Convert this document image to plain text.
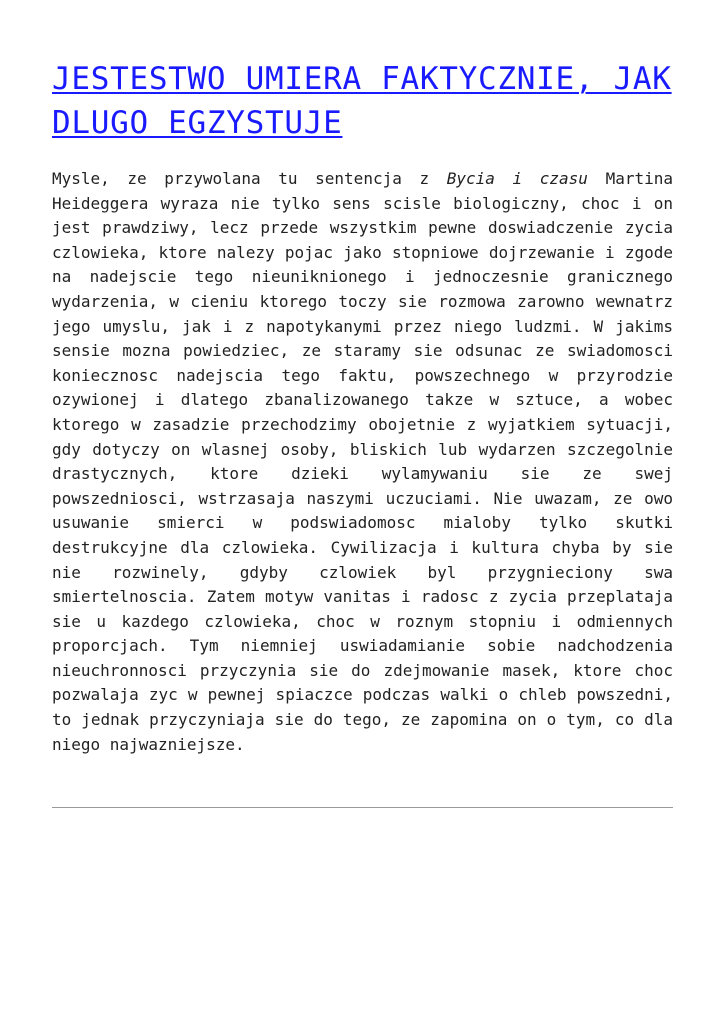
JESTESTWO UMIERA FAKTYCZNIE, JAK DLUGO EGZYSTUJE

Mysle, ze przywolana tu sentencja z Bycia i czasu Martina Heideggera wyraza nie tylko sens scisle biologiczny, choc i on jest prawdziwy, lecz przede wszystkim pewne doswiadczenie zycia czlowieka, ktore nalezy pojac jako stopniowe dojrzewanie i zgode na nadejscie tego nieuniknionego i jednoczesnie granicznego wydarzenia, w cieniu ktorego toczy sie rozmowa zarowno wewnatrz jego umyslu, jak i z napotykanymi przez niego ludzmi. W jakims sensie mozna powiedziec, ze staramy sie odsunac ze swiadomosci koniecznosc nadejscia tego faktu, powszechnego w przyrodzie ozywionej i dlatego zbanalizowanego takze w sztuce, a wobec ktorego w zasadzie przechodzimy obojetnie z wyjatkiem sytuacji, gdy dotyczy on wlasnej osoby, bliskich lub wydarzen szczegolnie drastycznych, ktore dzieki wylamywaniu sie ze swej powszedniosci, wstrzasaja naszymi uczuciami. Nie uwazam, ze owo usuwanie smierci w podswiadomosc mialoby tylko skutki destrukcyjne dla czlowieka. Cywilizacja i kultura chyba by sie nie rozwinely, gdyby czlowiek byl przygnieciony swa smiertelnoscia. Zatem motyw vanitas i radosc z zycia przeplataja sie u kazdego czlowieka, choc w roznym stopniu i odmiennych proporcjach. Tym niemniej uswiadamianie sobie nadchodzenia nieuchronnosci przyczynia sie do zdejmowanie masek, ktore choc pozwalaja zyc w pewnej spiaczce podczas walki o chleb powszedni, to jednak przyczyniaja sie do tego, ze zapomina on o tym, co dla niego najwazniejsze.
